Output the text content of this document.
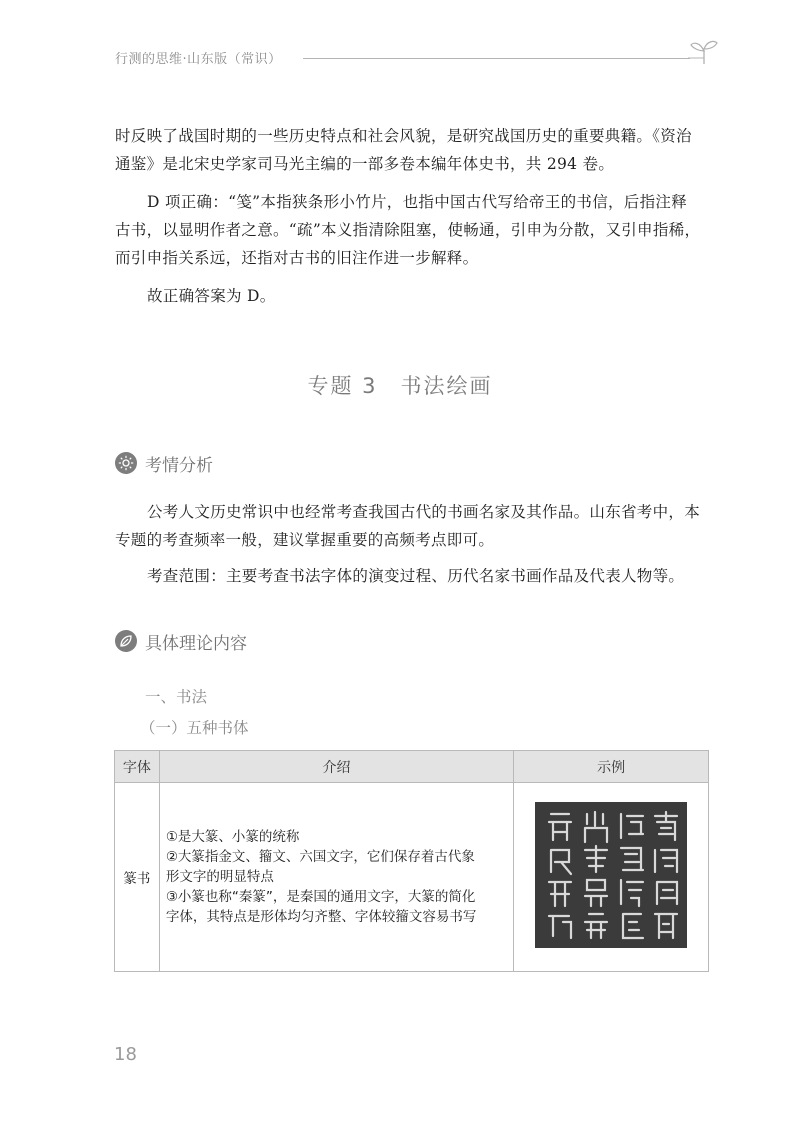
行测的思维·山东版（常识）
时反映了战国时期的一些历史特点和社会风貌，是研究战国历史的重要典籍。《资治
通鉴》是北宋史学家司马光主编的一部多卷本编年体史书，共 294 卷。
D 项正确：“笺”本指狭条形小竹片，也指中国古代写给帝王的书信，后指注释
古书，以显明作者之意。“疏”本义指清除阻塞，使畅通，引申为分散，又引申指稀，
而引申指关系远，还指对古书的旧注作进一步解释。
故正确答案为 D。
专题 3　书法绘画
考情分析
公考人文历史常识中也经常考查我国古代的书画名家及其作品。山东省考中，本
专题的考查频率一般，建议掌握重要的高频考点即可。
考查范围：主要考查书法字体的演变过程、历代名家书画作品及代表人物等。
具体理论内容
一、书法
（一）五种书体
字体	介绍	示例
篆书	①是大篆、小篆的统称
②大篆指金文、籀文、六国文字，它们保存着古代象
形文字的明显特点
③小篆也称“秦篆”，是秦国的通用文字，大篆的简化
字体，其特点是形体均匀齐整、字体较籀文容易书写

18
